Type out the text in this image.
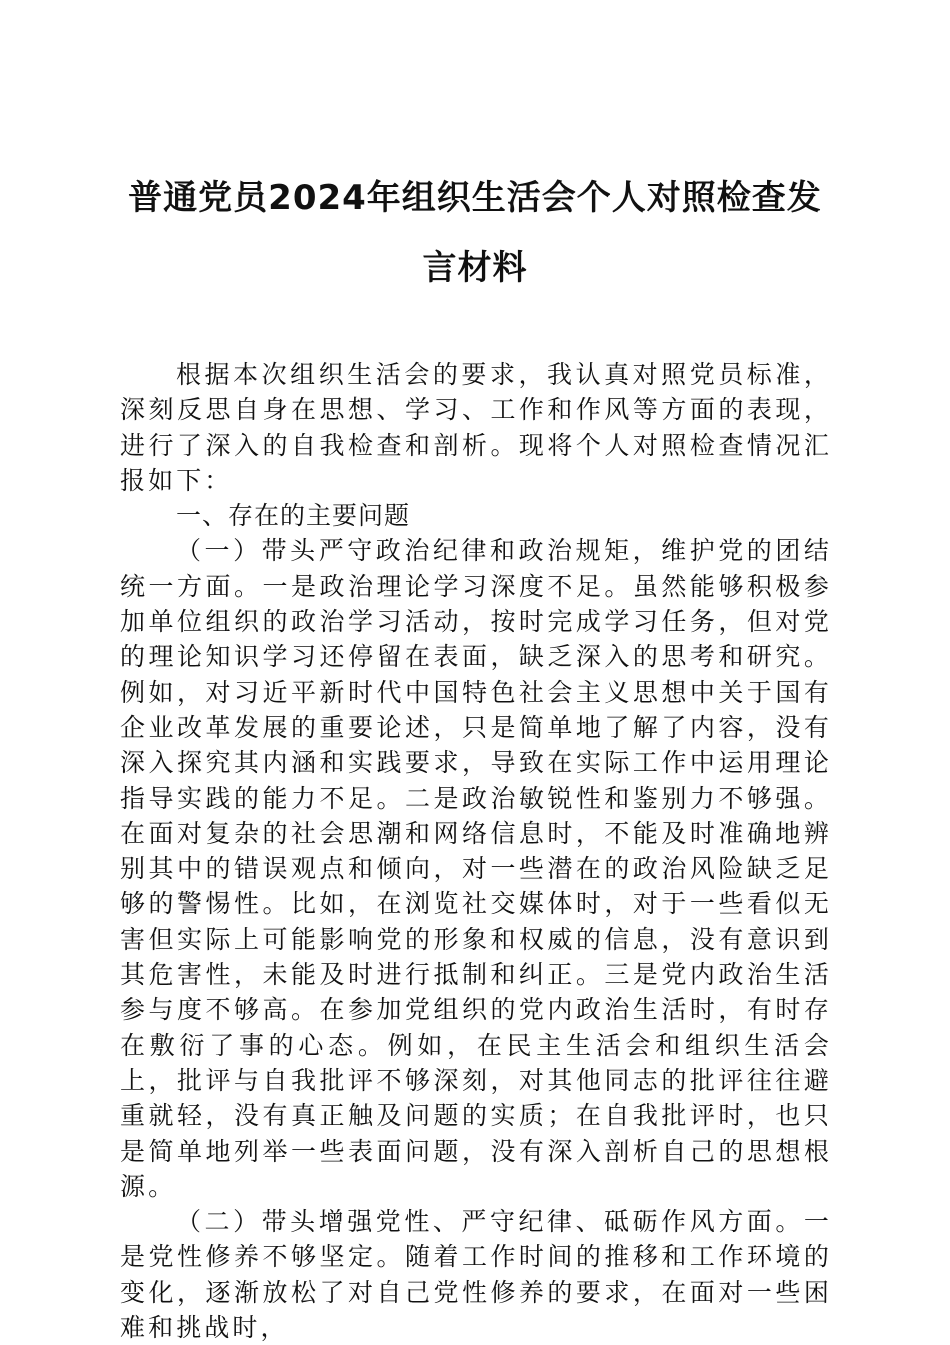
普通党员2024年组织生活会个人对照检查发
言材料

根据本次组织生活会的要求，我认真对照党员标准，深刻反思自身在思想、学习、工作和作风等方面的表现，进行了深入的自我检查和剖析。现将个人对照检查情况汇报如下：

一、存在的主要问题

（一）带头严守政治纪律和政治规矩，维护党的团结统一方面。一是政治理论学习深度不足。虽然能够积极参加单位组织的政治学习活动，按时完成学习任务，但对党的理论知识学习还停留在表面，缺乏深入的思考和研究。例如，对习近平新时代中国特色社会主义思想中关于国有企业改革发展的重要论述，只是简单地了解了内容，没有深入探究其内涵和实践要求，导致在实际工作中运用理论指导实践的能力不足。二是政治敏锐性和鉴别力不够强。在面对复杂的社会思潮和网络信息时，不能及时准确地辨别其中的错误观点和倾向，对一些潜在的政治风险缺乏足够的警惕性。比如，在浏览社交媒体时，对于一些看似无害但实际上可能影响党的形象和权威的信息，没有意识到其危害性，未能及时进行抵制和纠正。三是党内政治生活参与度不够高。在参加党组织的党内政治生活时，有时存在敷衍了事的心态。例如，在民主生活会和组织生活会上，批评与自我批评不够深刻，对其他同志的批评往往避重就轻，没有真正触及问题的实质；在自我批评时，也只是简单地列举一些表面问题，没有深入剖析自己的思想根源。

（二）带头增强党性、严守纪律、砥砺作风方面。一是党性修养不够坚定。随着工作时间的推移和工作环境的变化，逐渐放松了对自己党性修养的要求，在面对一些困难和挑战时，
